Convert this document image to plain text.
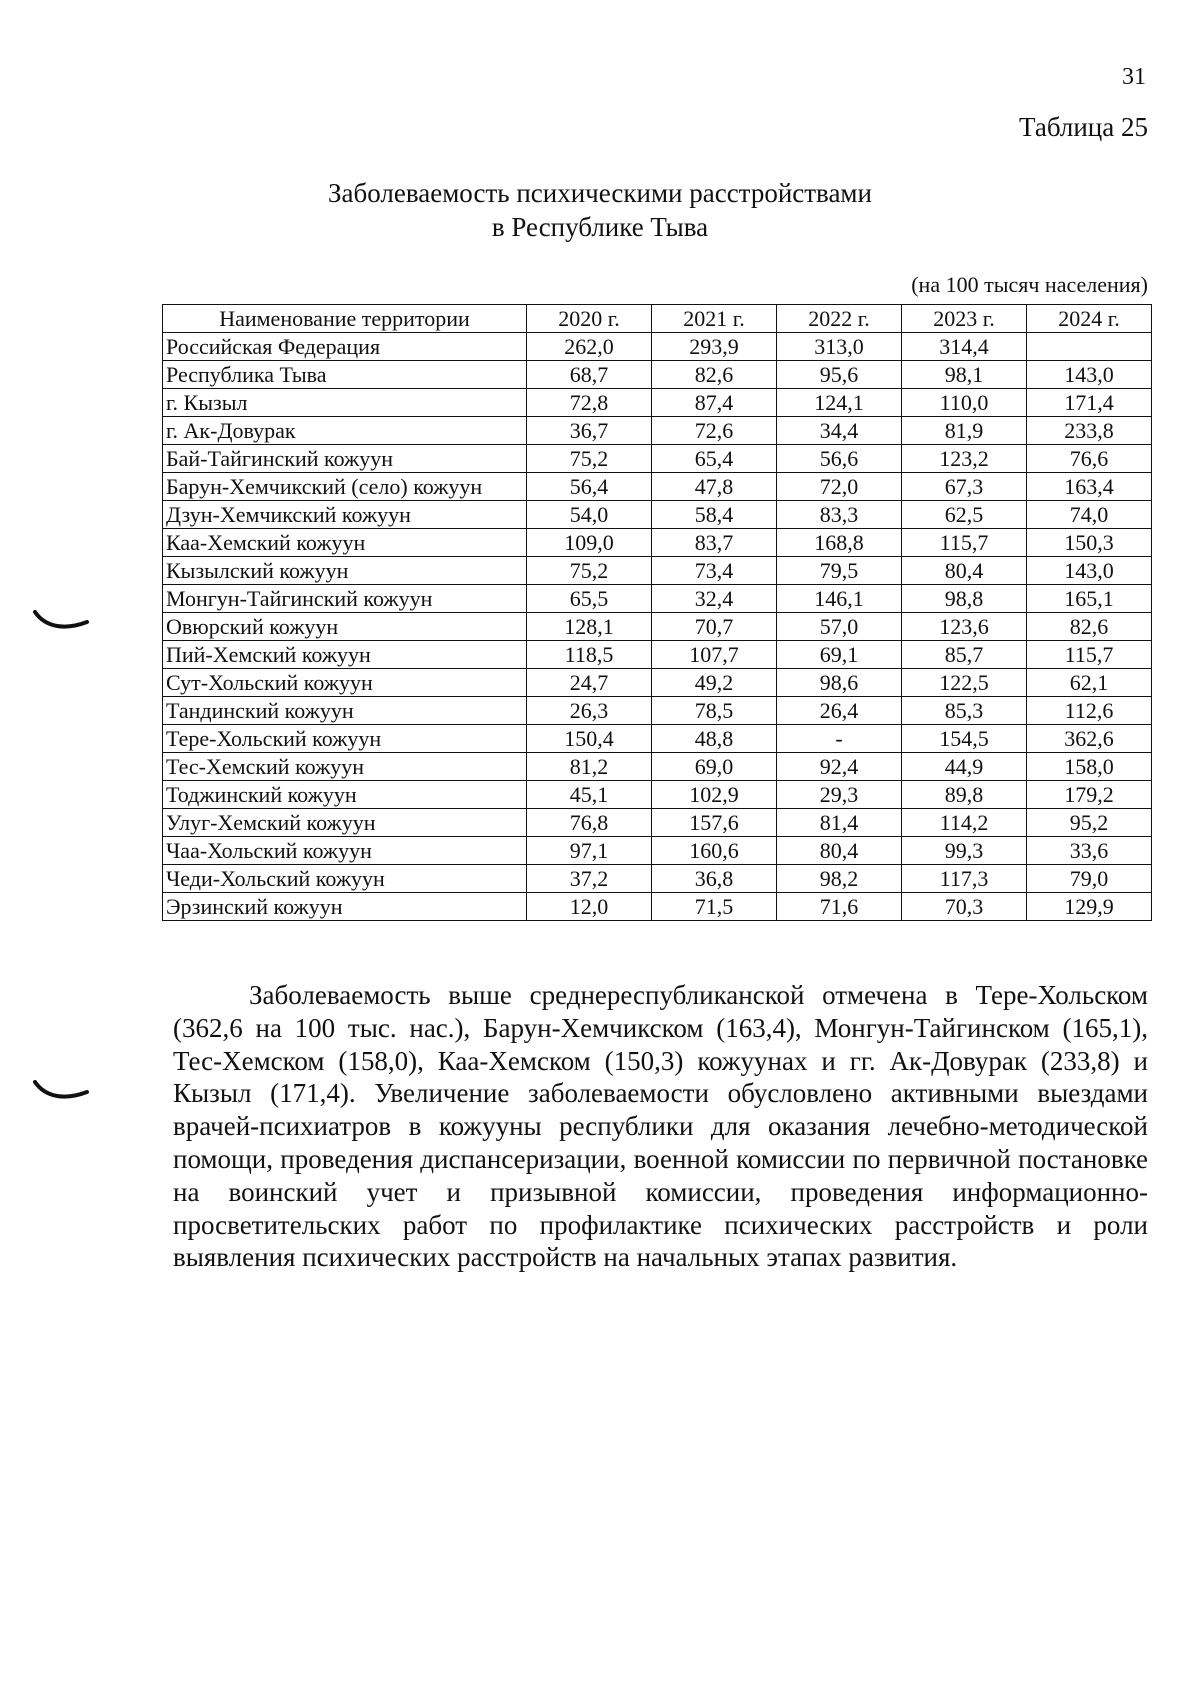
31
Таблица 25
Заболеваемость психическими расстройствами
в Республике Тыва
(на 100 тысяч населения)
Наименование территории	2020 г.	2021 г.	2022 г.	2023 г.	2024 г.
Российская Федерация	262,0	293,9	313,0	314,4	
Республика Тыва	68,7	82,6	95,6	98,1	143,0
г. Кызыл	72,8	87,4	124,1	110,0	171,4
г. Ак-Довурак	36,7	72,6	34,4	81,9	233,8
Бай-Тайгинский кожуун	75,2	65,4	56,6	123,2	76,6
Барун-Хемчикский (село) кожуун	56,4	47,8	72,0	67,3	163,4
Дзун-Хемчикский кожуун	54,0	58,4	83,3	62,5	74,0
Каа-Хемский кожуун	109,0	83,7	168,8	115,7	150,3
Кызылский кожуун	75,2	73,4	79,5	80,4	143,0
Монгун-Тайгинский кожуун	65,5	32,4	146,1	98,8	165,1
Овюрский кожуун	128,1	70,7	57,0	123,6	82,6
Пий-Хемский кожуун	118,5	107,7	69,1	85,7	115,7
Сут-Хольский кожуун	24,7	49,2	98,6	122,5	62,1
Тандинский кожуун	26,3	78,5	26,4	85,3	112,6
Тере-Хольский кожуун	150,4	48,8	-	154,5	362,6
Тес-Хемский кожуун	81,2	69,0	92,4	44,9	158,0
Тоджинский кожуун	45,1	102,9	29,3	89,8	179,2
Улуг-Хемский кожуун	76,8	157,6	81,4	114,2	95,2
Чаа-Хольский кожуун	97,1	160,6	80,4	99,3	33,6
Чеди-Хольский кожуун	37,2	36,8	98,2	117,3	79,0
Эрзинский кожуун	12,0	71,5	71,6	70,3	129,9

Заболеваемость выше среднереспубликанской отмечена в Тере-Хольском (362,6 на 100 тыс. нас.), Барун-Хемчикском (163,4), Монгун-Тайгинском (165,1), Тес-Хемском (158,0), Каа-Хемском (150,3) кожуунах и гг. Ак-Довурак (233,8) и Кызыл (171,4). Увеличение заболеваемости обусловлено активными выездами врачей-психиатров в кожууны республики для оказания лечебно-методической помощи, проведения диспансеризации, военной комиссии по первичной постановке на воинский учет и призывной комиссии, проведения информационно-просветительских работ по профилактике психических расстройств и роли выявления психических расстройств на начальных этапах развития.
